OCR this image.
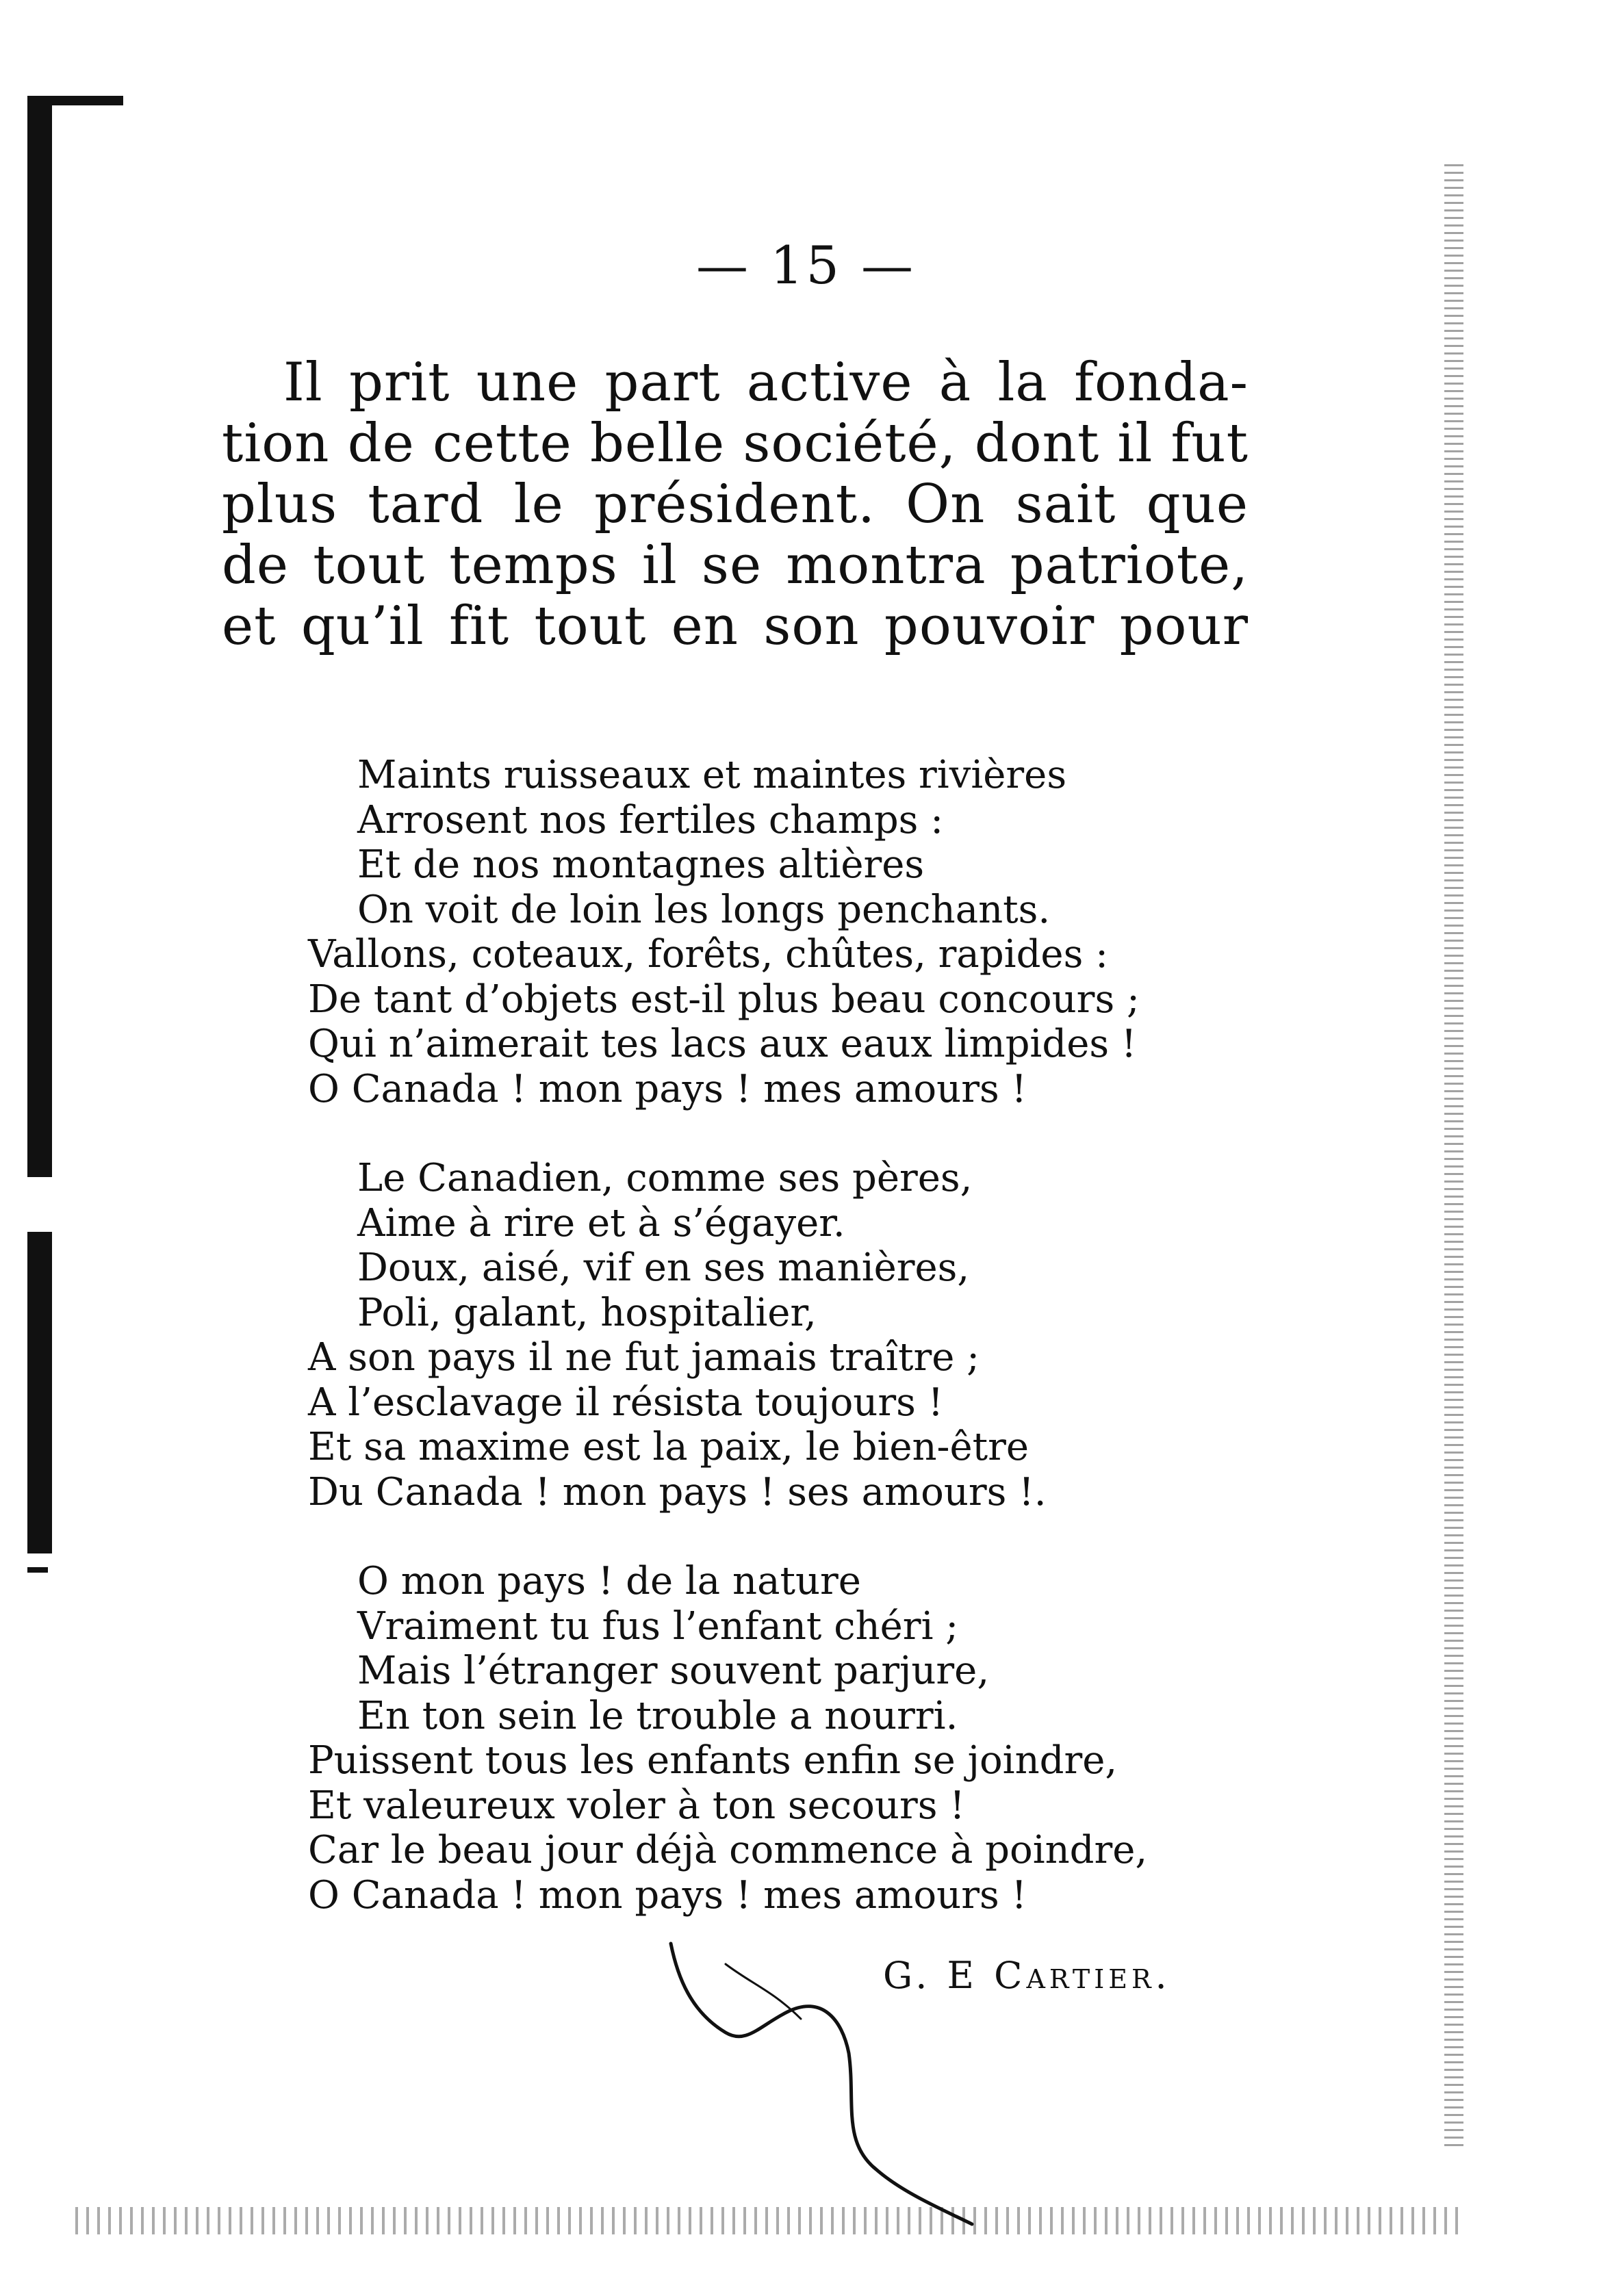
— 15 —
Il prit une part active à la fonda-
tion de cette belle société, dont il fut
plus tard le président. On sait que
de tout temps il se montra patriote,
et qu’il fit tout en son pouvoir pour
Maints ruisseaux et maintes rivières
Arrosent nos fertiles champs :
Et de nos montagnes altières
On voit de loin les longs penchants.
Vallons, coteaux, forêts, chûtes, rapides :
De tant d’objets est-il plus beau concours ;
Qui n’aimerait tes lacs aux eaux limpides !
O Canada ! mon pays ! mes amours !
Le Canadien, comme ses pères,
Aime à rire et à s’égayer.
Doux, aisé, vif en ses manières,
Poli, galant, hospitalier,
A son pays il ne fut jamais traître ;
A l’esclavage il résista toujours !
Et sa maxime est la paix, le bien-être
Du Canada ! mon pays ! ses amours !.
O mon pays ! de la nature
Vraiment tu fus l’enfant chéri ;
Mais l’étranger souvent parjure,
En ton sein le trouble a nourri.
Puissent tous les enfants enfin se joindre,
Et valeureux voler à ton secours !
Car le beau jour déjà commence à poindre,
O Canada ! mon pays ! mes amours !
G. E Cartier.
